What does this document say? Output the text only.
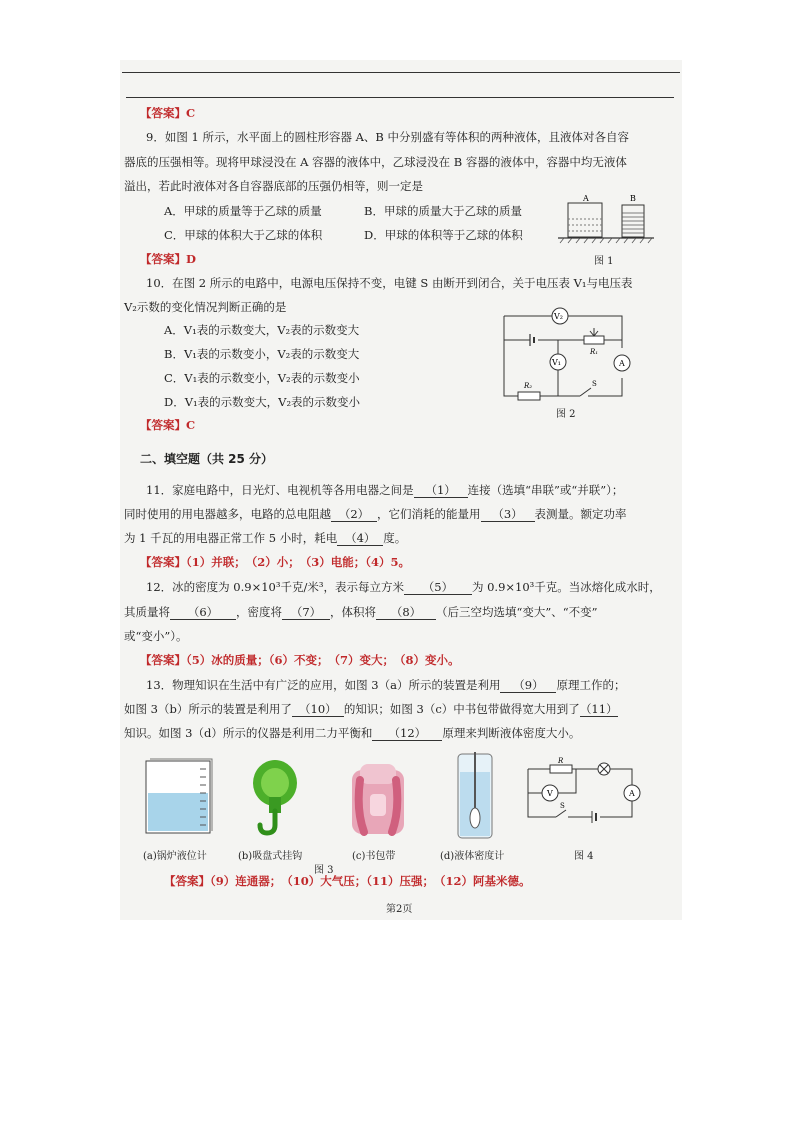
【答案】C
9．如图 1 所示，水平面上的圆柱形容器 A、B 中分别盛有等体积的两种液体，且液体对各自容
器底的压强相等。现将甲球浸没在 A 容器的液体中，乙球浸没在 B 容器的液体中，容器中均无液体
溢出，若此时液体对各自容器底部的压强仍相等，则一定是
A．甲球的质量等于乙球的质量	B．甲球的质量大于乙球的质量
C．甲球的体积大于乙球的体积	D．甲球的体积等于乙球的体积
【答案】D
A	B
图 1
10．在图 2 所示的电路中，电源电压保持不变，电键 S 由断开到闭合，关于电压表 V₁与电压表
V₂示数的变化情况判断正确的是
A．V₁表的示数变大，V₂表的示数变大
B．V₁表的示数变小，V₂表的示数变大
C．V₁表的示数变小，V₂表的示数变小
D．V₁表的示数变大，V₂表的示数变小
【答案】C
V₂
V₁
R₁
A
R₂	S
图 2
二、填空题（共 25 分）
11．家庭电路中，日光灯、电视机等各用电器之间是 （1） 连接（选填“串联”或“并联”）；
同时使用的用电器越多，电路的总电阻越 （2） ，它们消耗的能量用 （3） 表测量。额定功率
为 1 千瓦的用电器正常工作 5 小时，耗电 （4） 度。
【答案】（1）并联；　（2）小；　（3）电能；（4）5。
12．冰的密度为 0.9×10³千克/米³，表示每立方米 （5） 为 0.9×10³千克。当冰熔化成水时，
其质量将 （6） ，密度将 （7） ，体积将 （8） （后三空均选填“变大”、“不变”
或“变小”）。
【答案】（5）冰的质量；（6）不变；　（7）变大；　（8）变小。
13．物理知识在生活中有广泛的应用，如图 3（a）所示的装置是利用 （9） 原理工作的；
如图 3（b）所示的装置是利用了 （10） 的知识；如图 3（c）中书包带做得宽大用到了（11）
知识。如图 3（d）所示的仪器是利用二力平衡和 （12） 原理来判断液体密度大小。
(a)锅炉液位计	(b)吸盘式挂钩	(c)书包带	(d)液体密度计
R
A
V
S
图 4
图 3
【答案】（9）连通器；　（10）大气压；（11）压强；　（12）阿基米德。
第2页
